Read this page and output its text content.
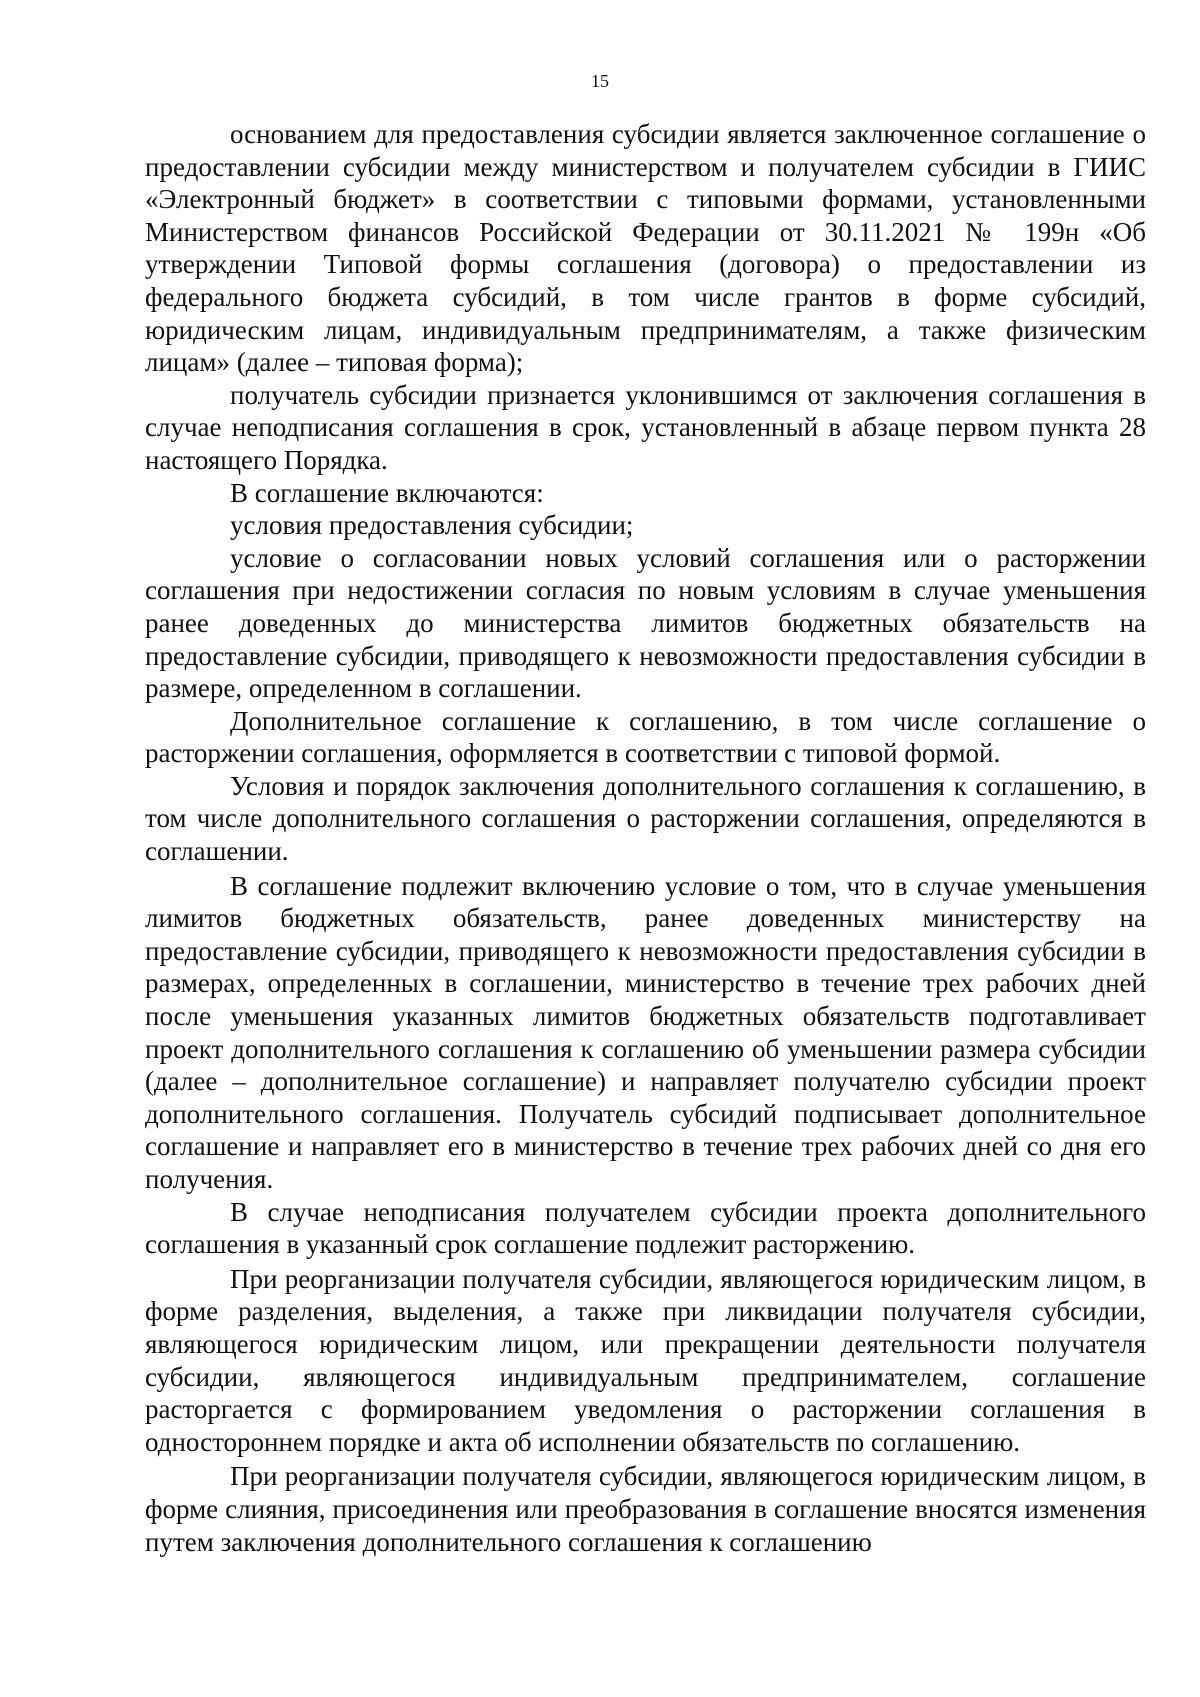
15

основанием для предоставления субсидии является заключенное соглашение о предоставлении субсидии между министерством и получателем субсидии в ГИИС «Электронный бюджет» в соответствии с типовыми формами, установленными Министерством финансов Российской Федерации от 30.11.2021 № 199н «Об утверждении Типовой формы соглашения (договора) о предоставлении из федерального бюджета субсидий, в том числе грантов в форме субсидий, юридическим лицам, индивидуальным предпринимателям, а также физическим лицам» (далее – типовая форма);

получатель субсидии признается уклонившимся от заключения соглашения в случае неподписания соглашения в срок, установленный в абзаце первом пункта 28 настоящего Порядка.

В соглашение включаются:

условия предоставления субсидии;

условие о согласовании новых условий соглашения или о расторжении соглашения при недостижении согласия по новым условиям в случае уменьшения ранее доведенных до министерства лимитов бюджетных обязательств на предоставление субсидии, приводящего к невозможности предоставления субсидии в размере, определенном в соглашении.

Дополнительное соглашение к соглашению, в том числе соглашение о расторжении соглашения, оформляется в соответствии с типовой формой.

Условия и порядок заключения дополнительного соглашения к соглашению, в том числе дополнительного соглашения о расторжении соглашения, определяются в соглашении.

В соглашение подлежит включению условие о том, что в случае уменьшения лимитов бюджетных обязательств, ранее доведенных министерству на предоставление субсидии, приводящего к невозможности предоставления субсидии в размерах, определенных в соглашении, министерство в течение трех рабочих дней после уменьшения указанных лимитов бюджетных обязательств подготавливает проект дополнительного соглашения к соглашению об уменьшении размера субсидии (далее – дополнительное соглашение) и направляет получателю субсидии проект дополнительного соглашения. Получатель субсидий подписывает дополнительное соглашение и направляет его в министерство в течение трех рабочих дней со дня его получения.

В случае неподписания получателем субсидии проекта дополнительного соглашения в указанный срок соглашение подлежит расторжению.

При реорганизации получателя субсидии, являющегося юридическим лицом, в форме разделения, выделения, а также при ликвидации получателя субсидии, являющегося юридическим лицом, или прекращении деятельности получателя субсидии, являющегося индивидуальным предпринимателем, соглашение расторгается с формированием уведомления о расторжении соглашения в одностороннем порядке и акта об исполнении обязательств по соглашению.

При реорганизации получателя субсидии, являющегося юридическим лицом, в форме слияния, присоединения или преобразования в соглашение вносятся изменения путем заключения дополнительного соглашения к соглашению
